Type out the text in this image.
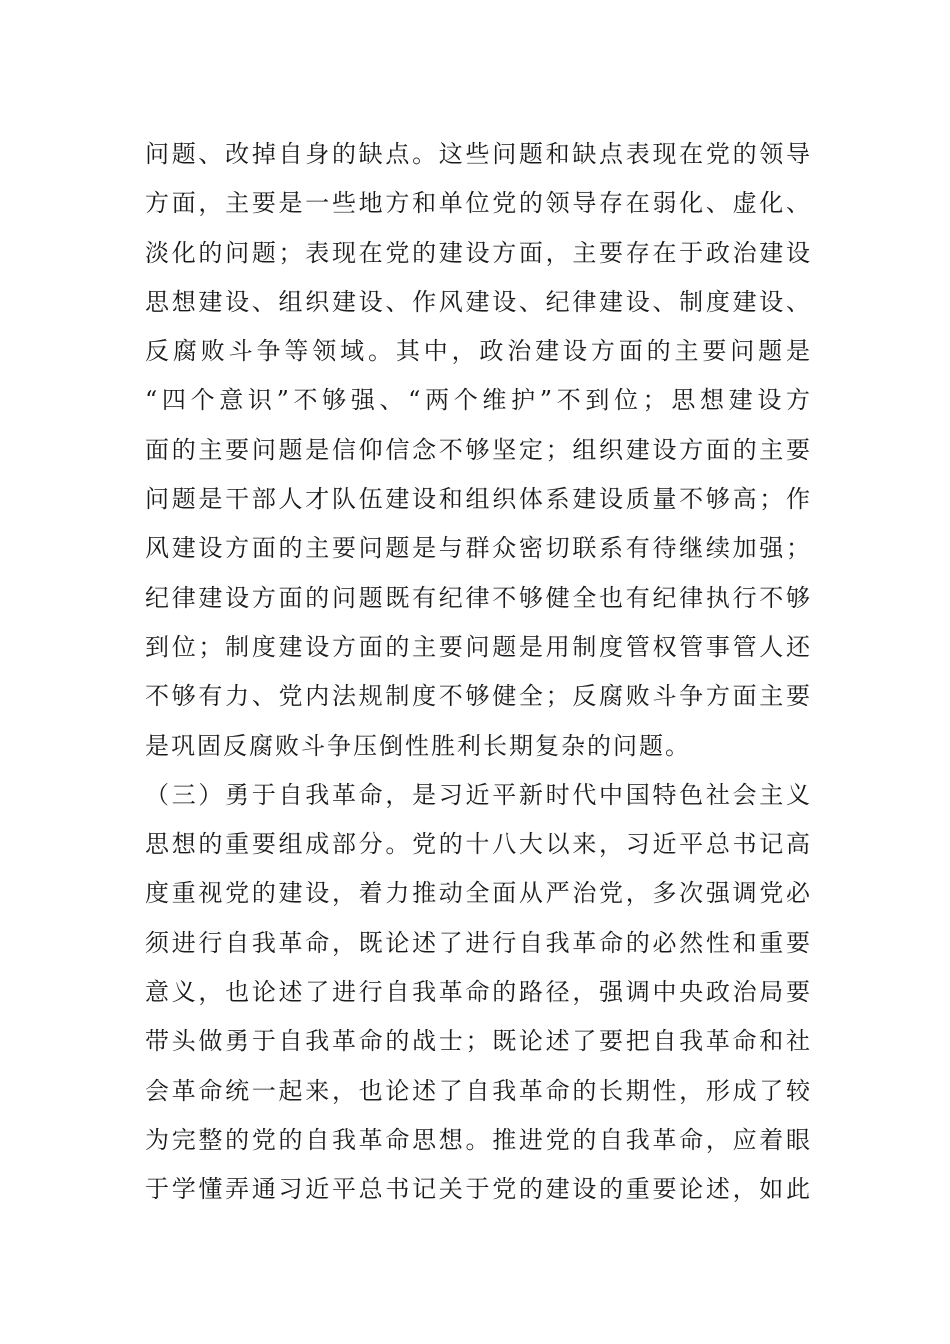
问题、改掉自身的缺点。这些问题和缺点表现在党的领导
方面，主要是一些地方和单位党的领导存在弱化、虚化、
淡化的问题；表现在党的建设方面，主要存在于政治建设
思想建设、组织建设、作风建设、纪律建设、制度建设、
反腐败斗争等领域。其中，政治建设方面的主要问题是
“四个意识”不够强、“两个维护”不到位；思想建设方
面的主要问题是信仰信念不够坚定；组织建设方面的主要
问题是干部人才队伍建设和组织体系建设质量不够高；作
风建设方面的主要问题是与群众密切联系有待继续加强；
纪律建设方面的问题既有纪律不够健全也有纪律执行不够
到位；制度建设方面的主要问题是用制度管权管事管人还
不够有力、党内法规制度不够健全；反腐败斗争方面主要
是巩固反腐败斗争压倒性胜利长期复杂的问题。
（三）勇于自我革命，是习近平新时代中国特色社会主义
思想的重要组成部分。党的十八大以来，习近平总书记高
度重视党的建设，着力推动全面从严治党，多次强调党必
须进行自我革命，既论述了进行自我革命的必然性和重要
意义，也论述了进行自我革命的路径，强调中央政治局要
带头做勇于自我革命的战士；既论述了要把自我革命和社
会革命统一起来，也论述了自我革命的长期性，形成了较
为完整的党的自我革命思想。推进党的自我革命，应着眼
于学懂弄通习近平总书记关于党的建设的重要论述，如此
